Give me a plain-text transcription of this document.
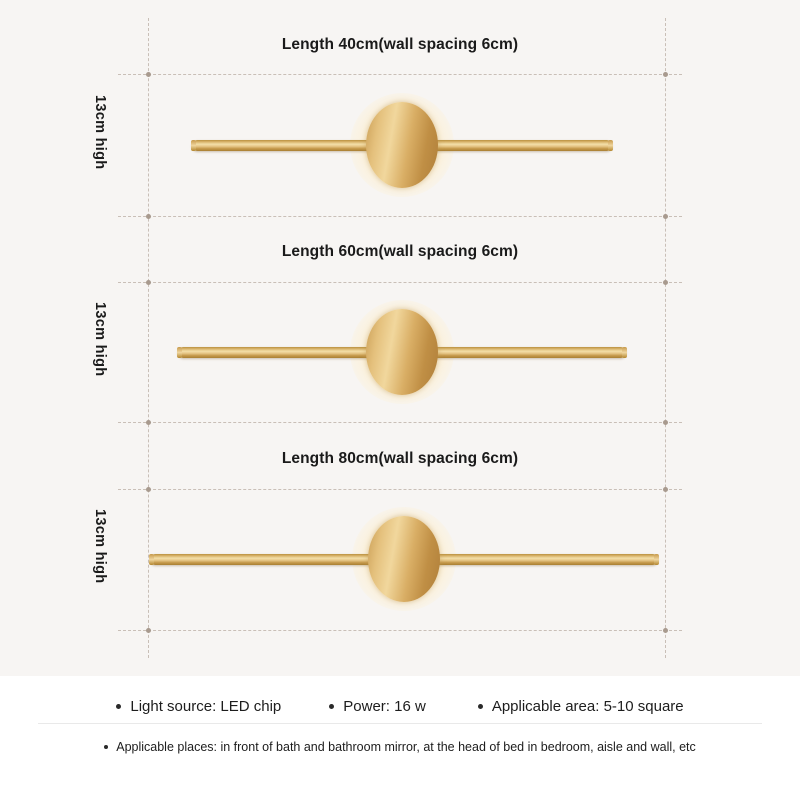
Length 40cm(wall spacing 6cm)
13cm high
Length 60cm(wall spacing 6cm)
13cm high
Length 80cm(wall spacing 6cm)
13cm high
Light source: LED chip	Power: 16 w	Applicable area: 5-10 square
Applicable places: in front of bath and bathroom mirror, at the head of bed in bedroom, aisle and wall, etc
